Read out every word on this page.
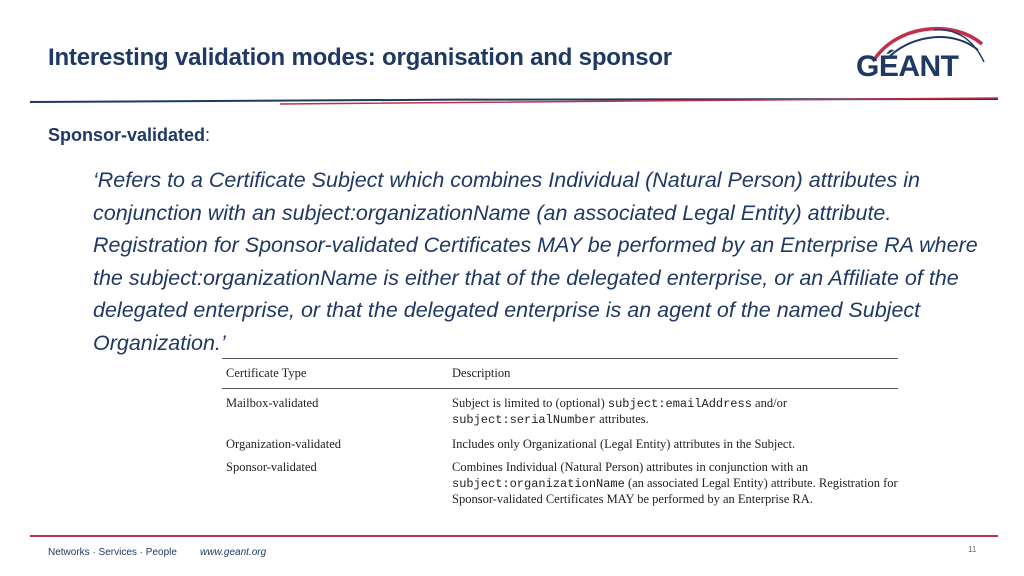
Interesting validation modes: organisation and sponsor	GÉANT
Sponsor-validated:
‘Refers to a Certificate Subject which combines Individual (Natural Person) attributes in conjunction with an subject:organizationName (an associated Legal Entity) attribute. Registration for Sponsor-validated Certificates MAY be performed by an Enterprise RA where the subject:organizationName is either that of the delegated enterprise, or an Affiliate of the delegated enterprise, or that the delegated enterprise is an agent of the named Subject Organization.’
Certificate Type	Description
Mailbox-validated	Subject is limited to (optional) subject:emailAddress and/or
subject:serialNumber attributes.
Organization-validated	Includes only Organizational (Legal Entity) attributes in the Subject.
Sponsor-validated	Combines Individual (Natural Person) attributes in conjunction with an subject:organizationName (an associated Legal Entity) attribute. Registration for Sponsor-validated Certificates MAY be performed by an Enterprise RA.
Networks · Services · People www.geant.org	11
